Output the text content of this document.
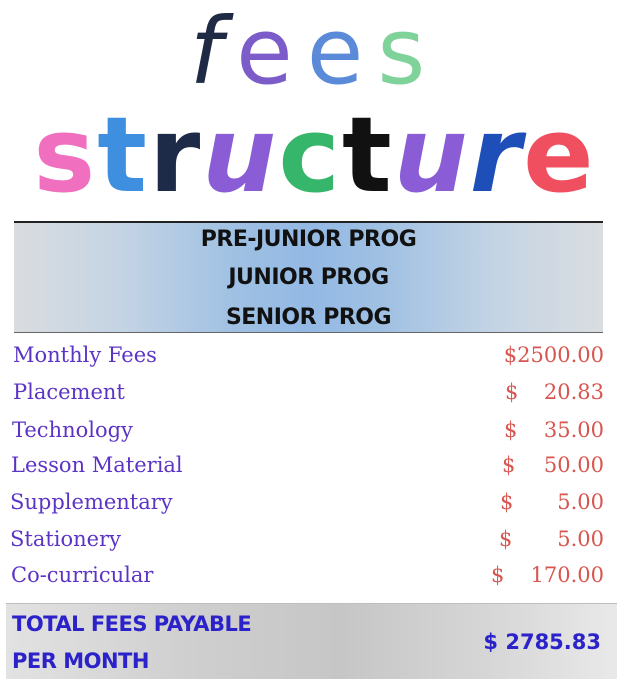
fees
structure
PRE-JUNIOR PROG
JUNIOR PROG
SENIOR PROG
Monthly Fees	$2500.00
Placement	$ 20.83
Technology	$ 35.00
Lesson Material	$ 50.00
Supplementary	$ 5.00
Stationery	$ 5.00
Co-curricular	$ 170.00
TOTAL FEES PAYABLE
PER MONTH
$ 2785.83
